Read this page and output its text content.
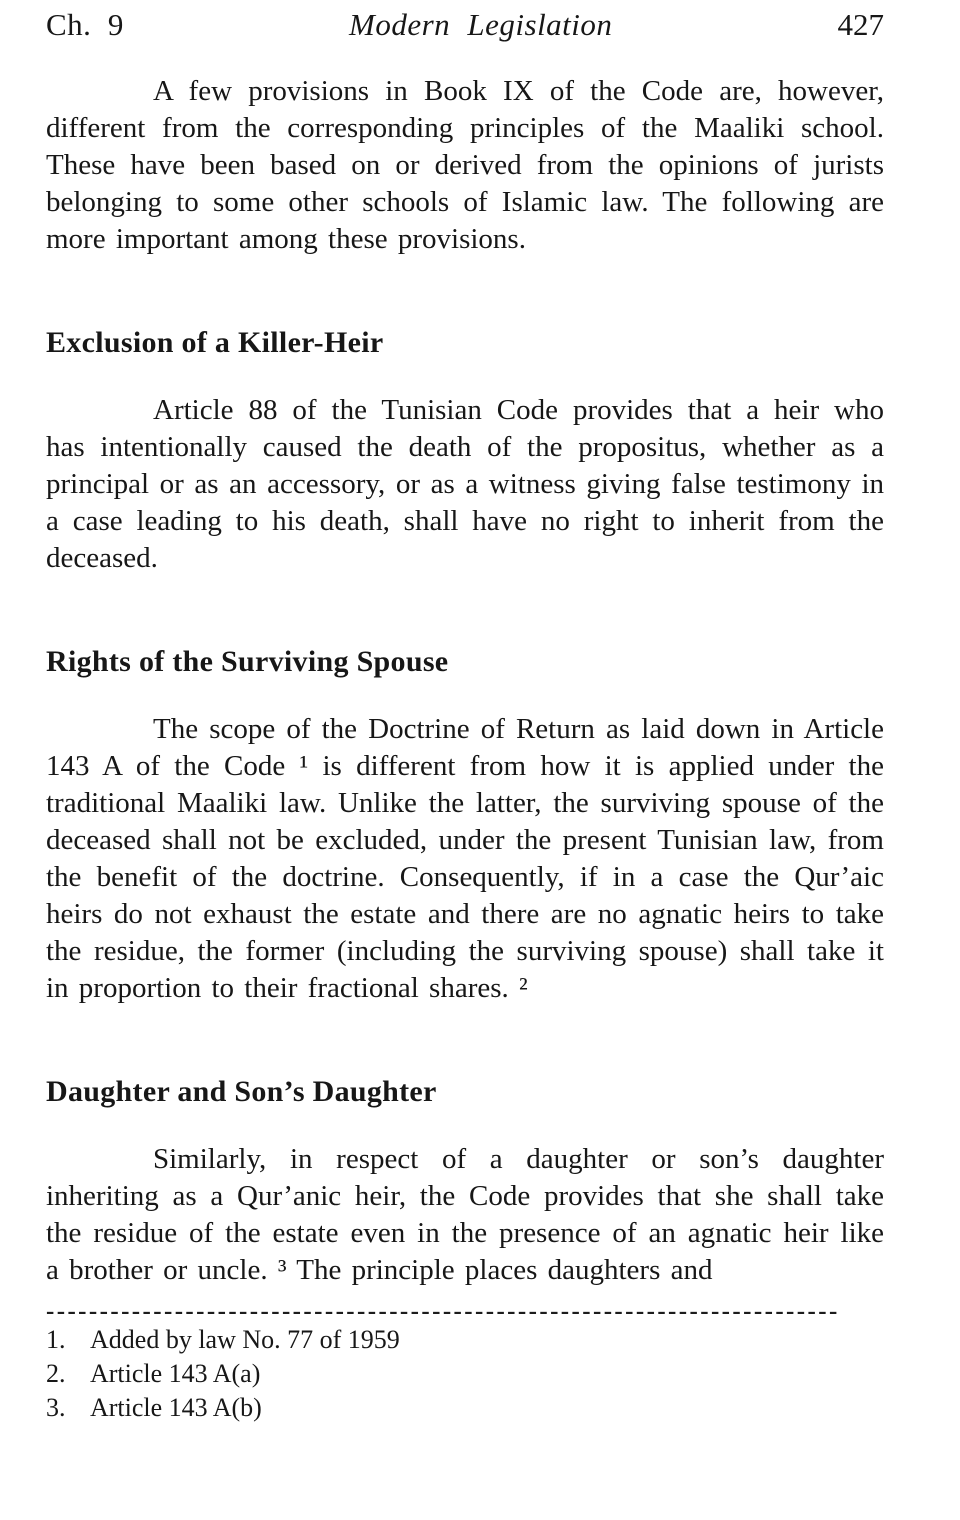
Ch.  9	Modern Legislation	427

A few provisions in Book IX of the Code are, however, different from the corresponding principles of the Maaliki school. These have been based on or derived from the opinions of jurists belonging to some other schools of Islamic law. The following are more important among these provisions.

Exclusion of a Killer-Heir

Article 88 of the Tunisian Code provides that a heir who has intentionally caused the death of the propositus, whether as a principal or as an accessory, or as a witness giving false testimony in a case leading to his death, shall have no right to inherit from the deceased.

Rights of the Surviving Spouse

The scope of the Doctrine of Return as laid down in Article 143 A of the Code ¹ is different from how it is applied under the traditional Maaliki law. Unlike the latter, the surviving spouse of the deceased shall not be excluded, under the present Tunisian law, from the benefit of the doctrine. Consequently, if in a case the Qur’aic heirs do not exhaust the estate and there are no agnatic heirs to take the residue, the former (including the surviving spouse) shall take it in proportion to their fractional shares. ²

Daughter and Son’s Daughter

Similarly, in respect of a daughter or son’s daughter inheriting as a Qur’anic heir, the Code provides that she shall take the residue of the estate even in the presence of an agnatic heir like a brother or uncle. ³ The principle places daughters and

--------------------------------------------------------------------------
1. Added by law No. 77 of 1959
2. Article 143 A(a)
3. Article 143 A(b)
